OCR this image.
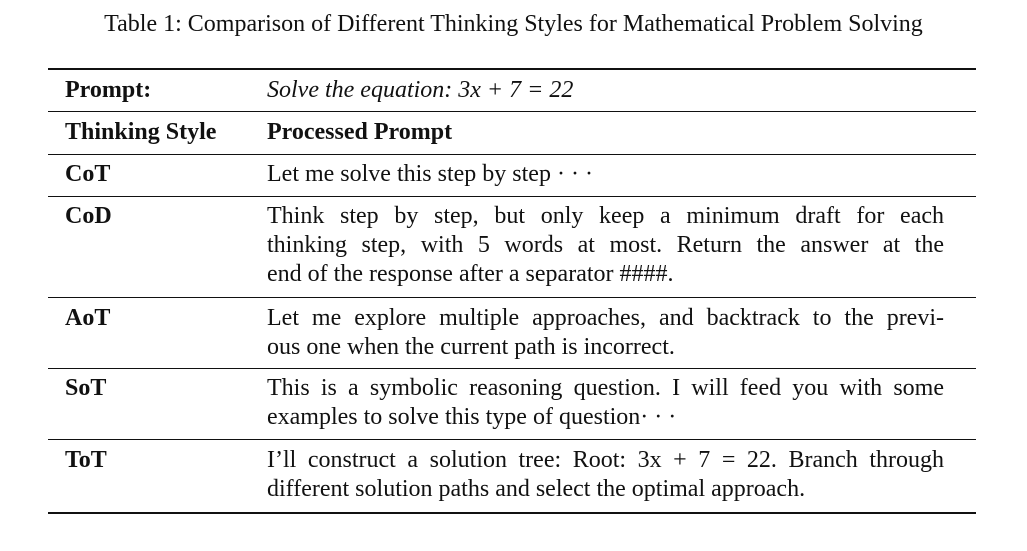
Table 1: Comparison of Different Thinking Styles for Mathematical Problem Solving
Prompt:	Solve the equation: 3x + 7 = 22
Thinking Style	Processed Prompt
CoT	Let me solve this step by step · · ·
CoD	Think step by step, but only keep a minimum draft for each
thinking step, with 5 words at most. Return the answer at the
end of the response after a separator ####.
AoT	Let me explore multiple approaches, and backtrack to the previ-
ous one when the current path is incorrect.
SoT	This is a symbolic reasoning question. I will feed you with some
examples to solve this type of question· · ·
ToT	I’ll construct a solution tree: Root: 3x + 7 = 22. Branch through
different solution paths and select the optimal approach.
